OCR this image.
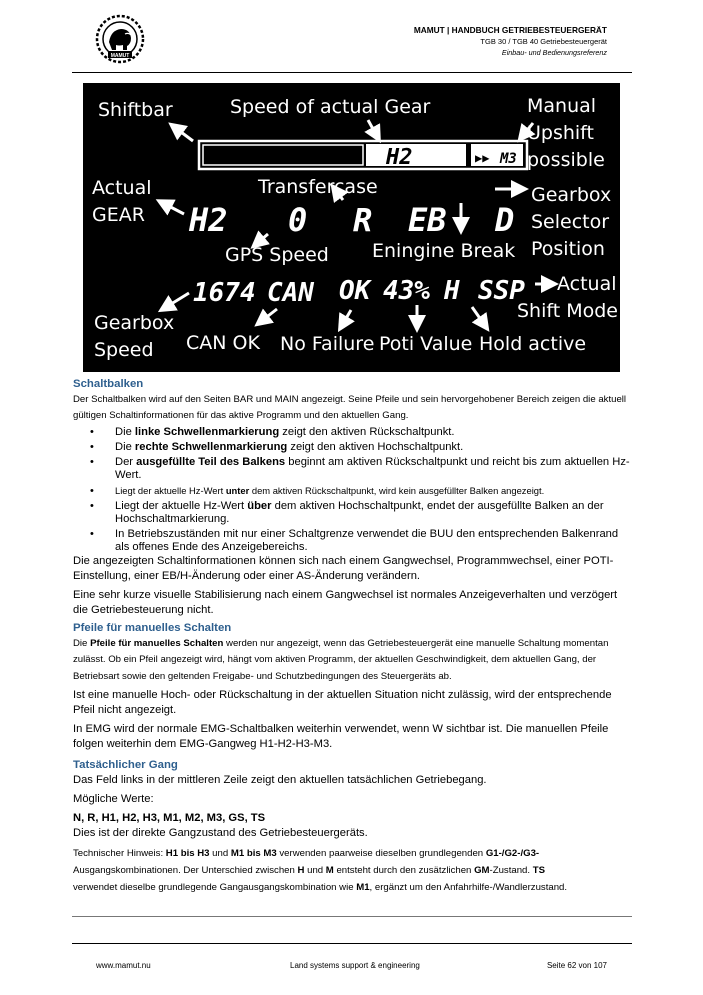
MAMUT
MAMUT | HANDBUCH GETRIEBESTEUERGERÄT
TGB 30 / TGB 40 Getriebesteuergerät
Einbau- und Bedienungsreferenz
Shiftbar	Speed of actual Gear	Manual
Upshift
possible
Actual
GEAR
Transfercase	Gearbox
Selector
Position
GPS Speed Eningine Break
Actual
Shift Mode
Gearbox
Speed CAN OK No Failure Poti Value Hold active
H2	▶▶ M3
H2 0 R EB D
1674 CAN OK 43% H SSP
Schaltbalken

Der Schaltbalken wird auf den Seiten BAR und MAIN angezeigt. Seine Pfeile und sein hervorgehobener Bereich zeigen die aktuell gültigen Schaltinformationen für das aktive Programm und den aktuellen Gang.

• Die linke Schwellenmarkierung zeigt den aktiven Rückschaltpunkt.
• Die rechte Schwellenmarkierung zeigt den aktiven Hochschaltpunkt.
• Der ausgefüllte Teil des Balkens beginnt am aktiven Rückschaltpunkt und reicht bis zum aktuellen Hz-Wert.
• Liegt der aktuelle Hz-Wert unter dem aktiven Rückschaltpunkt, wird kein ausgefüllter Balken angezeigt.
• Liegt der aktuelle Hz-Wert über dem aktiven Hochschaltpunkt, endet der ausgefüllte Balken an der Hochschaltmarkierung.
• In Betriebszuständen mit nur einer Schaltgrenze verwendet die BUU den entsprechenden Balkenrand als offenes Ende des Anzeigebereichs.

Die angezeigten Schaltinformationen können sich nach einem Gangwechsel, Programmwechsel, einer POTI-Einstellung, einer EB/H-Änderung oder einer AS-Änderung verändern.

Eine sehr kurze visuelle Stabilisierung nach einem Gangwechsel ist normales Anzeigeverhalten und verzögert die Getriebesteuerung nicht.

Pfeile für manuelles Schalten

Die Pfeile für manuelles Schalten werden nur angezeigt, wenn das Getriebesteuergerät eine manuelle Schaltung momentan zulässt. Ob ein Pfeil angezeigt wird, hängt vom aktiven Programm, der aktuellen Geschwindigkeit, dem aktuellen Gang, der Betriebsart sowie den geltenden Freigabe- und Schutzbedingungen des Steuergeräts ab.

Ist eine manuelle Hoch- oder Rückschaltung in der aktuellen Situation nicht zulässig, wird der entsprechende Pfeil nicht angezeigt.

In EMG wird der normale EMG-Schaltbalken weiterhin verwendet, wenn W sichtbar ist. Die manuellen Pfeile folgen weiterhin dem EMG-Gangweg H1-H2-H3-M3.

Tatsächlicher Gang

Das Feld links in der mittleren Zeile zeigt den aktuellen tatsächlichen Getriebegang.

Mögliche Werte:

N, R, H1, H2, H3, M1, M2, M3, GS, TS

Dies ist der direkte Gangzustand des Getriebesteuergeräts.

Technischer Hinweis: H1 bis H3 und M1 bis M3 verwenden paarweise dieselben grundlegenden G1-/G2-/G3-Ausgangskombinationen. Der Unterschied zwischen H und M entsteht durch den zusätzlichen GM-Zustand. TS
verwendet dieselbe grundlegende Gangausgangskombination wie M1, ergänzt um den Anfahrhilfe-/Wandlerzustand.

www.mamut.nu	Land systems support & engineering	Seite 62 von 107
